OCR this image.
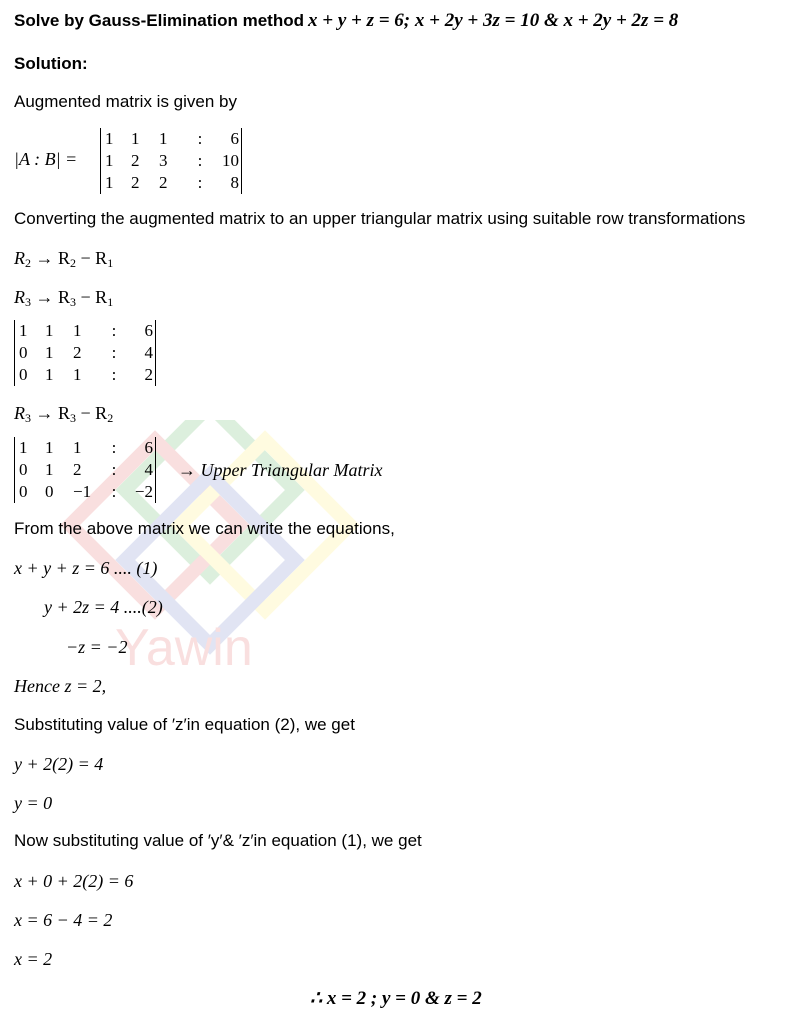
Yawin
Solve by Gauss-Elimination method x + y + z = 6; x + 2y + 3z = 10 & x + 2y + 2z = 8
Solution:
Augmented matrix is given by
|A : B| =
1	1	1	:	6
1	2	3	:	10
1	2	2	:	8
Converting the augmented matrix to an upper triangular matrix using suitable row transformations
$R_2 \to R_2 - R_1$
$R_3 \to R_3 - R_1$
1	1	1	:	6
0	1	2	:	4
0	1	1	:	2
$R_3 \to R_3 - R_2$
1	1	1	:	6
0	1	2	:	4
0	0	−1	:	−2
→ Upper Triangular Matrix
From the above matrix we can write the equations,
x + y + z = 6 .... (1)
y + 2z = 4 ....(2)
−z = −2
Hence z = 2,
Substituting value of ′z′in equation (2), we get
y + 2(2) = 4
y = 0
Now substituting value of ′y′& ′z′in equation (1), we get
x + 0 + 2(2) = 6
x = 6 − 4 = 2
x = 2
∴ x = 2 ; y = 0 & z = 2
